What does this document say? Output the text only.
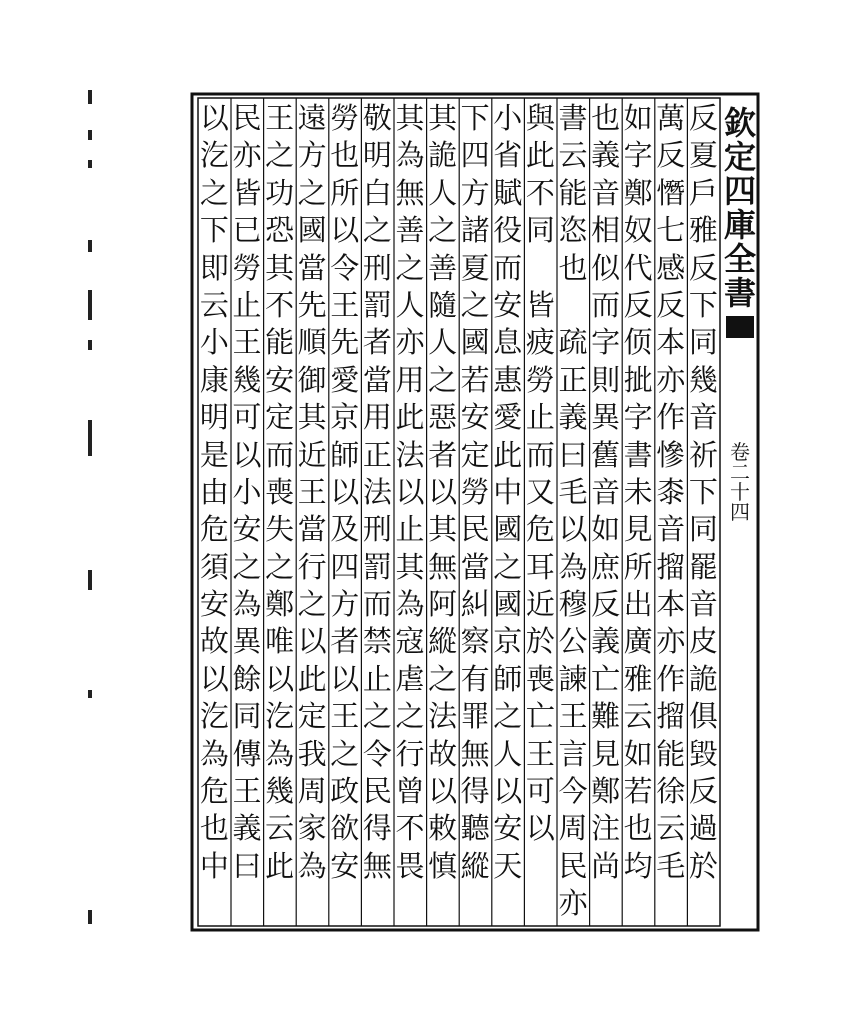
欽
定
四
庫
全
書
卷
二
十
四
反
夏
戶
雅
反
下
同
幾
音
祈
下
同
罷
音
皮
詭
俱
毀
反
過
於
萬
反
憯
七
感
反
本
亦
作
慘
桼
音
㨨
本
亦
作
㨨
能
徐
云
毛
如
字
鄭
奴
代
反
㑔
㧗
字
書
未
見
所
出
廣
雅
云
如
若
也
均
也
義
音
相
似
而
字
則
異
舊
音
如
庶
反
義
亡
難
見
鄭
注
尚
書
云
能
恣
也

疏
正
義
曰
毛
以
為
穆
公
諫
王
言
今
周
民
亦
與
此
不
同

皆
疲
勞
止
而
又
危
耳
近
於
喪
亡
王
可
以
小
省
賦
役
而
安
息
惠
愛
此
中
國
之
國
京
師
之
人
以
安
天
下
四
方
諸
夏
之
國
若
安
定
勞
民
當
糾
察
有
罪
無
得
聽
縱
其
詭
人
之
善
隨
人
之
惡
者
以
其
無
阿
縱
之
法
故
以
敕
慎
其
為
無
善
之
人
亦
用
此
法
以
止
其
為
寇
虐
之
行
曾
不
畏
敬
明
白
之
刑
罰
者
當
用
正
法
刑
罰
而
禁
止
之
令
民
得
無
勞
也
所
以
令
王
先
愛
京
師
以
及
四
方
者
以
王
之
政
欲
安
遠
方
之
國
當
先
順
御
其
近
王
當
行
之
以
此
定
我
周
家
為
王
之
功
恐
其
不
能
安
定
而
喪
失
之
鄭
唯
以
汔
為
幾
云
此
民
亦
皆
已
勞
止
王
幾
可
以
小
安
之
為
異
餘
同
傳
王
義
曰
以
汔
之
下
即
云
小
康
明
是
由
危
須
安
故
以
汔
為
危
也
中
